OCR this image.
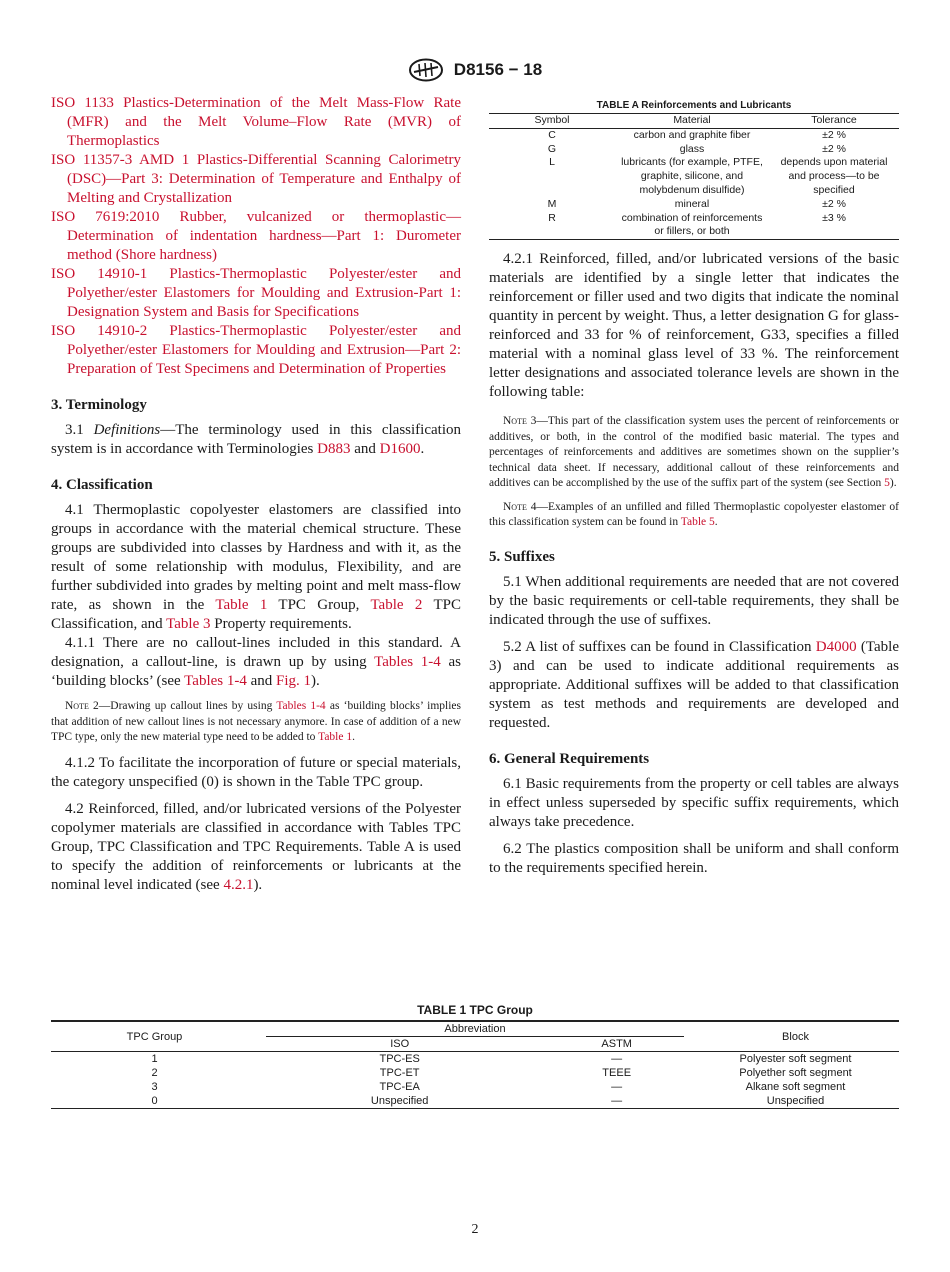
D8156 − 18

ISO 1133 Plastics-Determination of the Melt Mass-Flow Rate (MFR) and the Melt Volume–Flow Rate (MVR) of Thermoplastics

ISO 11357-3 AMD 1 Plastics-Differential Scanning Calorimetry (DSC)—Part 3: Determination of Temperature and Enthalpy of Melting and Crystallization

ISO 7619:2010 Rubber, vulcanized or thermoplastic—Determination of indentation hardness—Part 1: Durometer method (Shore hardness)

ISO 14910-1 Plastics-Thermoplastic Polyester/ester and Polyether/ester Elastomers for Moulding and Extrusion-Part 1: Designation System and Basis for Specifications

ISO 14910-2 Plastics-Thermoplastic Polyester/ester and Polyether/ester Elastomers for Moulding and Extrusion—Part 2: Preparation of Test Specimens and Determination of Properties

3. Terminology

3.1 Definitions—The terminology used in this classification system is in accordance with Terminologies D883 and D1600.

4. Classification

4.1 Thermoplastic copolyester elastomers are classified into groups in accordance with the material chemical structure. These groups are subdivided into classes by Hardness and with it, as the result of some relationship with modulus, Flexibility, and are further subdivided into grades by melting point and melt mass-flow rate, as shown in the Table 1 TPC Group, Table 2 TPC Classification, and Table 3 Property requirements.

4.1.1 There are no callout-lines included in this standard. A designation, a callout-line, is drawn up by using Tables 1-4 as ‘building blocks’ (see Tables 1-4 and Fig. 1).

Note 2—Drawing up callout lines by using Tables 1-4 as ‘building blocks’ implies that addition of new callout lines is not necessary anymore. In case of addition of a new TPC type, only the new material type need to be added to Table 1.

4.1.2 To facilitate the incorporation of future or special materials, the category unspecified (0) is shown in the Table TPC group.

4.2 Reinforced, filled, and/or lubricated versions of the Polyester copolymer materials are classified in accordance with Tables TPC Group, TPC Classification and TPC Requirements. Table A is used to specify the addition of reinforcements or lubricants at the nominal level indicated (see 4.2.1).

TABLE A Reinforcements and Lubricants
Symbol	Material	Tolerance
C	carbon and graphite fiber	±2 %
G	glass	±2 %
L	lubricants (for example, PTFE, graphite, silicone, and molybdenum disulfide)	depends upon material and process—to be specified
M	mineral	±2 %
R	combination of reinforcements or fillers, or both	±3 %

4.2.1 Reinforced, filled, and/or lubricated versions of the basic materials are identified by a single letter that indicates the reinforcement or filler used and two digits that indicate the nominal quantity in percent by weight. Thus, a letter designation G for glass-reinforced and 33 for % of reinforcement, G33, specifies a filled material with a nominal glass level of 33 %. The reinforcement letter designations and associated tolerance levels are shown in the following table:

Note 3—This part of the classification system uses the percent of reinforcements or additives, or both, in the control of the modified basic material. The types and percentages of reinforcements and additives are sometimes shown on the supplier’s technical data sheet. If necessary, additional callout of these reinforcements and additives can be accomplished by the use of the suffix part of the system (see Section 5).

Note 4—Examples of an unfilled and filled Thermoplastic copolyester elastomer of this classification system can be found in Table 5.

5. Suffixes

5.1 When additional requirements are needed that are not covered by the basic requirements or cell-table requirements, they shall be indicated through the use of suffixes.

5.2 A list of suffixes can be found in Classification D4000 (Table 3) and can be used to indicate additional requirements as appropriate. Additional suffixes will be added to that classification system as test methods and requirements are developed and requested.

6. General Requirements

6.1 Basic requirements from the property or cell tables are always in effect unless superseded by specific suffix requirements, which always take precedence.

6.2 The plastics composition shall be uniform and shall conform to the requirements specified herein.

TABLE 1 TPC Group
TPC Group	Abbreviation		Block
	ISO	ASTM	
1	TPC-ES	—	Polyester soft segment
2	TPC-ET	TEEE	Polyether soft segment
3	TPC-EA	—	Alkane soft segment
0	Unspecified	—	Unspecified
2
